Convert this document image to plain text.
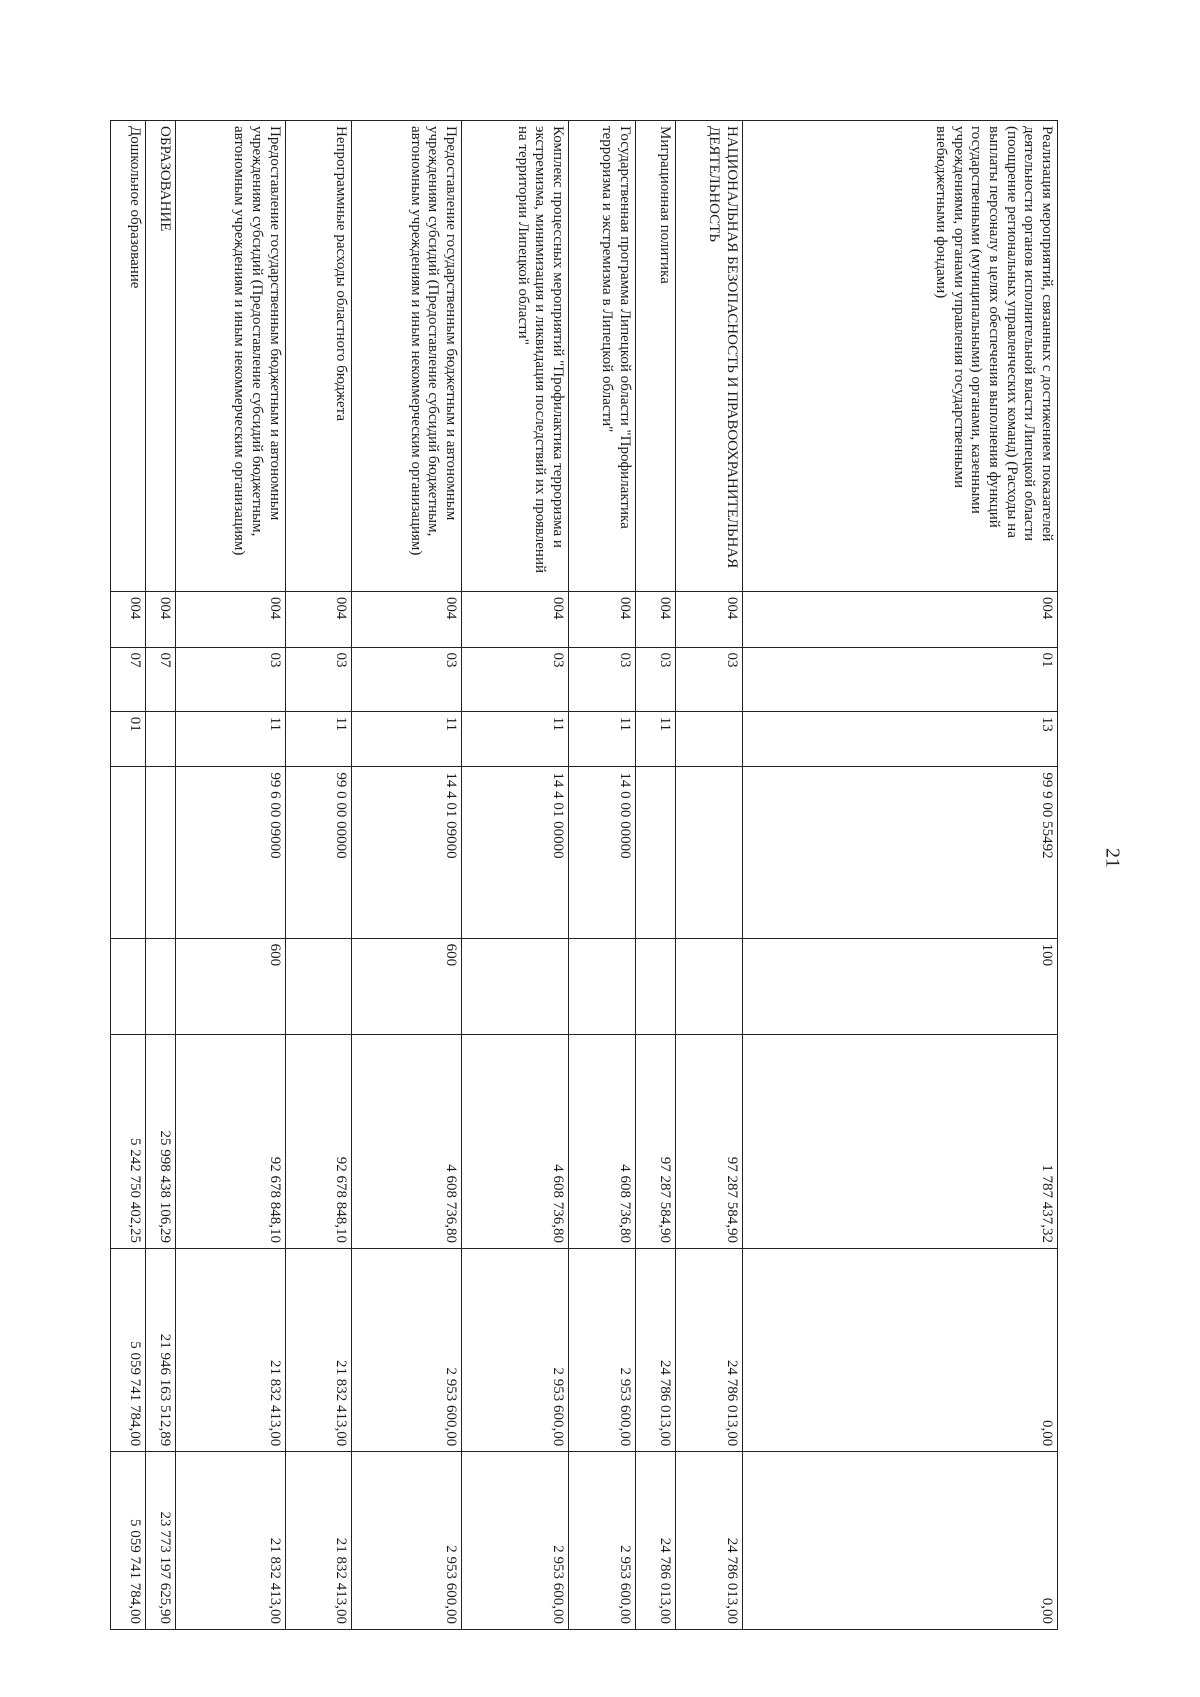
21
Реализация мероприятий, связанных с достижением показателей деятельности органов исполнительной власти Липецкой области (поощрение региональных управленческих команд) (Расходы на выплаты персоналу в целях обеспечения выполнения функций государственными (муниципальными) органами, казенными учреждениями, органами управления государственными внебюджетными фондами)	004	01	13	99 9 00 55492	100	1 787 437,32	0,00	0,00
НАЦИОНАЛЬНАЯ БЕЗОПАСНОСТЬ И ПРАВООХРАНИТЕЛЬНАЯ ДЕЯТЕЛЬНОСТЬ	004	03				97 287 584,90	24 786 013,00	24 786 013,00
Миграционная политика	004	03	11			97 287 584,90	24 786 013,00	24 786 013,00
Государственная программа Липецкой области "Профилактика терроризма и экстремизма в Липецкой области"	004	03	11	14 0 00 00000		4 608 736,80	2 953 600,00	2 953 600,00
Комплекс процессных мероприятий "Профилактика терроризма и экстремизма, минимизация и ликвидация последствий их проявлений на территории Липецкой области"	004	03	11	14 4 01 00000		4 608 736,80	2 953 600,00	2 953 600,00
Предоставление государственным бюджетным и автономным учреждениям субсидий (Предоставление субсидий бюджетным, автономным учреждениям и иным некоммерческим организациям)	004	03	11	14 4 01 09000	600	4 608 736,80	2 953 600,00	2 953 600,00
Непрограммные расходы областного бюджета	004	03	11	99 0 00 00000		92 678 848,10	21 832 413,00	21 832 413,00
Предоставление государственным бюджетным и автономным учреждениям субсидий (Предоставление субсидий бюджетным, автономным учреждениям и иным некоммерческим организациям)	004	03	11	99 6 00 09000	600	92 678 848,10	21 832 413,00	21 832 413,00
ОБРАЗОВАНИЕ	004	07				25 998 438 106,29	21 946 163 512,89	23 773 197 625,90
Дошкольное образование	004	07	01			5 242 750 402,25	5 059 741 784,00	5 059 741 784,00
